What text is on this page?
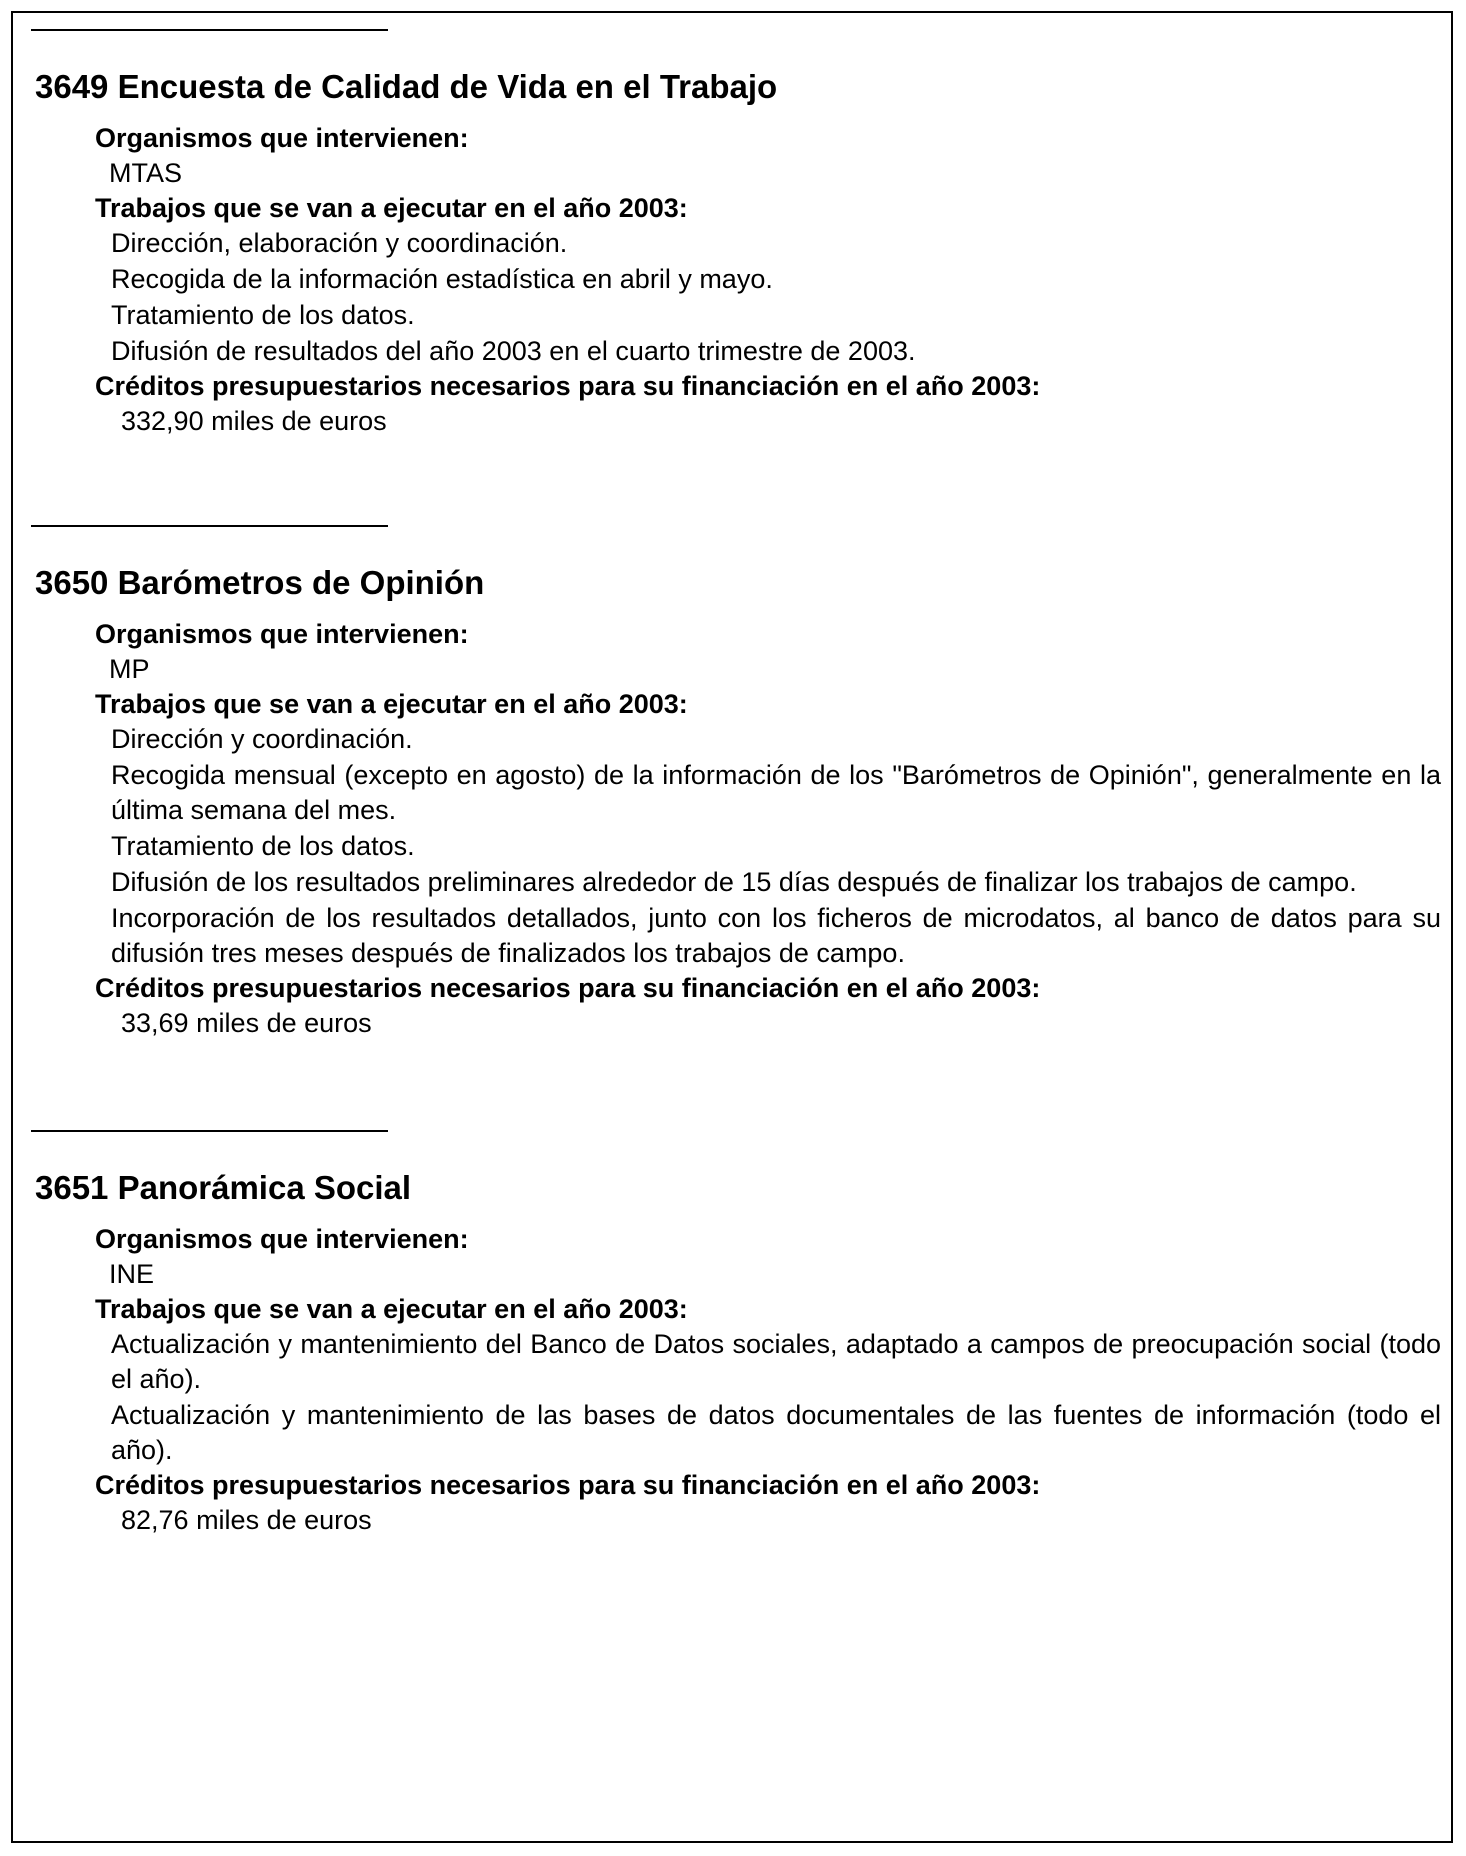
3649 Encuesta de Calidad de Vida en el Trabajo
Organismos que intervienen:
MTAS
Trabajos que se van a ejecutar en el año 2003:
Dirección, elaboración y coordinación.
Recogida de la información estadística en abril y mayo.
Tratamiento de los datos.
Difusión de resultados del año 2003 en el cuarto trimestre de 2003.
Créditos presupuestarios necesarios para su financiación en el año 2003:
332,90 miles de euros
3650 Barómetros de Opinión
Organismos que intervienen:
MP
Trabajos que se van a ejecutar en el año 2003:
Dirección y coordinación.
Recogida mensual (excepto en agosto) de la información de los "Barómetros de Opinión", generalmente en la última semana del mes.
Tratamiento de los datos.
Difusión de los resultados preliminares alrededor de 15 días después de finalizar los trabajos de campo.
Incorporación de los resultados detallados, junto con los ficheros de microdatos, al banco de datos para su difusión tres meses después de finalizados los trabajos de campo.
Créditos presupuestarios necesarios para su financiación en el año 2003:
33,69 miles de euros
3651 Panorámica Social
Organismos que intervienen:
INE
Trabajos que se van a ejecutar en el año 2003:
Actualización y mantenimiento del Banco de Datos sociales, adaptado a campos de preocupación social (todo el año).
Actualización y mantenimiento de las bases de datos documentales de las fuentes de información (todo el año).
Créditos presupuestarios necesarios para su financiación en el año 2003:
82,76 miles de euros
